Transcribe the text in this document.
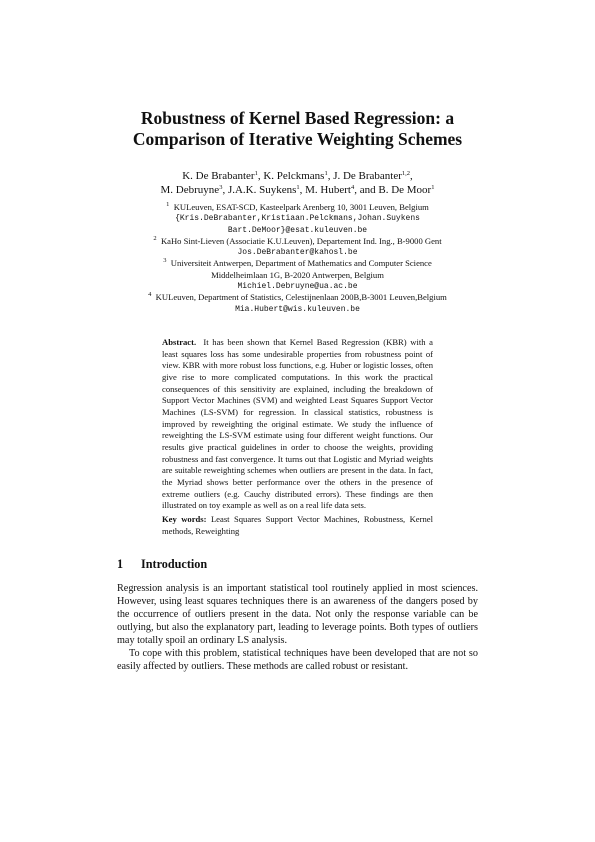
Robustness of Kernel Based Regression: a
Comparison of Iterative Weighting Schemes
K. De Brabanter$^1$, K. Pelckmans$^1$, J. De Brabanter$^{1,2}$,
M. Debruyne$^3$, J.A.K. Suykens$^1$, M. Hubert$^4$, and B. De Moor$^1$
$^1$ KULeuven, ESAT-SCD, Kasteelpark Arenberg 10, 3001 Leuven, Belgium
{Kris.DeBrabanter,Kristiaan.Pelckmans,Johan.Suykens
Bart.DeMoor}@esat.kuleuven.be
$^2$ KaHo Sint-Lieven (Associatie K.U.Leuven), Departement Ind. Ing., B-9000 Gent
Jos.DeBrabanter@kahosl.be
$^3$ Universiteit Antwerpen, Department of Mathematics and Computer Science
Middelheimlaan 1G, B-2020 Antwerpen, Belgium
Michiel.Debruyne@ua.ac.be
$^4$ KULeuven, Department of Statistics, Celestijnenlaan 200B,B-3001 Leuven,Belgium
Mia.Hubert@wis.kuleuven.be

Abstract. It has been shown that Kernel Based Regression (KBR) with a least squares loss has some undesirable properties from robustness point of view. KBR with more robust loss functions, e.g. Huber or logistic losses, often give rise to more complicated computations. In this work the practical consequences of this sensitivity are explained, including the breakdown of Support Vector Machines (SVM) and weighted Least Squares Support Vector Machines (LS-SVM) for regression. In classical statistics, robustness is improved by reweighting the original estimate. We study the influence of reweighting the LS-SVM estimate using four different weight functions. Our results give practical guidelines in order to choose the weights, providing robustness and fast convergence. It turns out that Logistic and Myriad weights are suitable reweighting schemes when outliers are present in the data. In fact, the Myriad shows better performance over the others in the presence of extreme outliers (e.g. Cauchy distributed errors). These findings are then illustrated on toy example as well as on a real life data sets.

Key words: Least Squares Support Vector Machines, Robustness, Kernel methods, Reweighting

1 Introduction

Regression analysis is an important statistical tool routinely applied in most sciences. However, using least squares techniques there is an awareness of the dangers posed by the occurrence of outliers present in the data. Not only the response variable can be outlying, but also the explanatory part, leading to leverage points. Both types of outliers may totally spoil an ordinary LS analysis.

To cope with this problem, statistical techniques have been developed that are not so easily affected by outliers. These methods are called robust or resistant.
